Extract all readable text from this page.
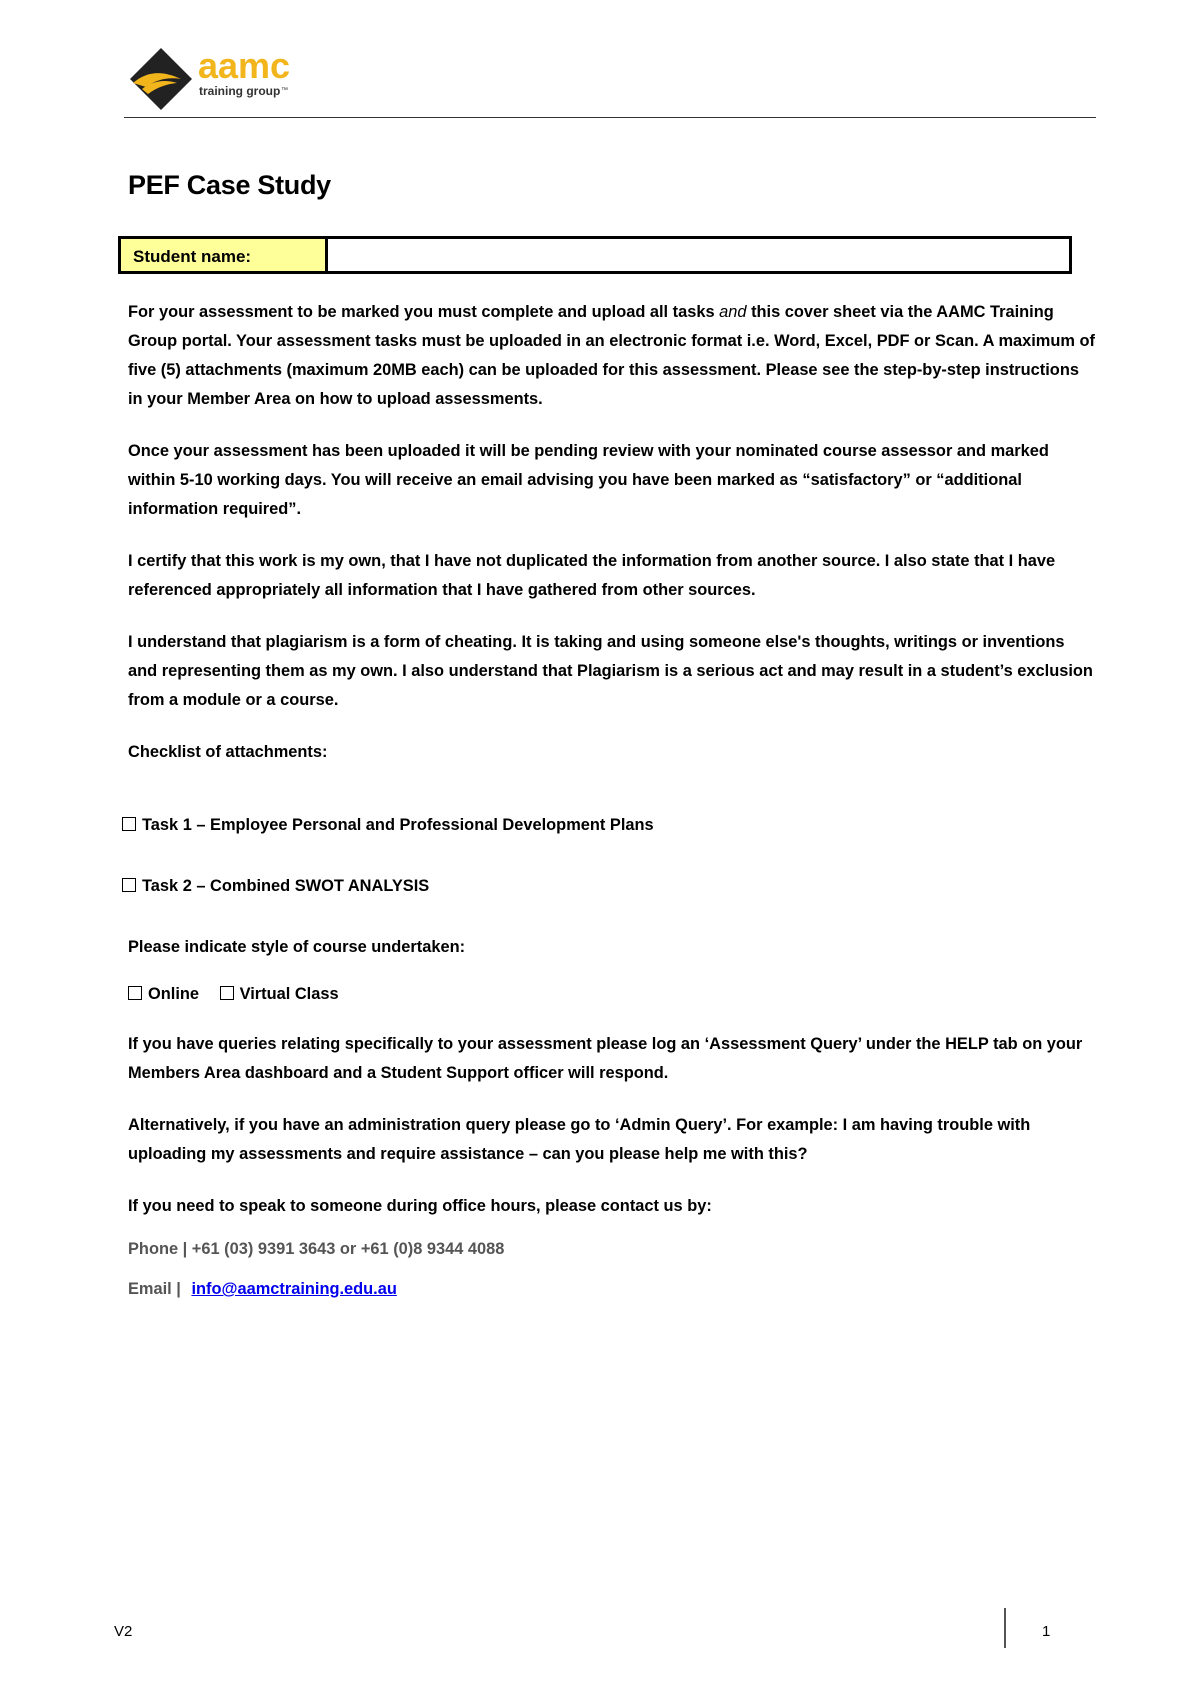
aamc
training group ™
PEF Case Study
Student name:

For your assessment to be marked you must complete and upload all tasks and this cover sheet via the AAMC Training Group portal. Your assessment tasks must be uploaded in an electronic format i.e. Word, Excel, PDF or Scan. A maximum of five (5) attachments (maximum 20MB each) can be uploaded for this assessment. Please see the step-by-step instructions in your Member Area on how to upload assessments.

Once your assessment has been uploaded it will be pending review with your nominated course assessor and marked within 5-10 working days. You will receive an email advising you have been marked as “satisfactory” or “additional information required”.

I certify that this work is my own, that I have not duplicated the information from another source. I also state that I have referenced appropriately all information that I have gathered from other sources.

I understand that plagiarism is a form of cheating. It is taking and using someone else's thoughts, writings or inventions and representing them as my own. I also understand that Plagiarism is a serious act and may result in a student’s exclusion from a module or a course.

Checklist of attachments:

Task 1 – Employee Personal and Professional Development Plans
Task 2 – Combined SWOT ANALYSIS
Please indicate style of course undertaken:
Online Virtual Class

If you have queries relating specifically to your assessment please log an ‘Assessment Query’ under the HELP tab on your Members Area dashboard and a Student Support officer will respond.

Alternatively, if you have an administration query please go to ‘Admin Query’. For example: I am having trouble with uploading my assessments and require assistance – can you please help me with this?

If you need to speak to someone during office hours, please contact us by:

Phone | +61 (03) 9391 3643 or +61 (0)8 9344 4088
Email | info@aamctraining.edu.au
V2	1
